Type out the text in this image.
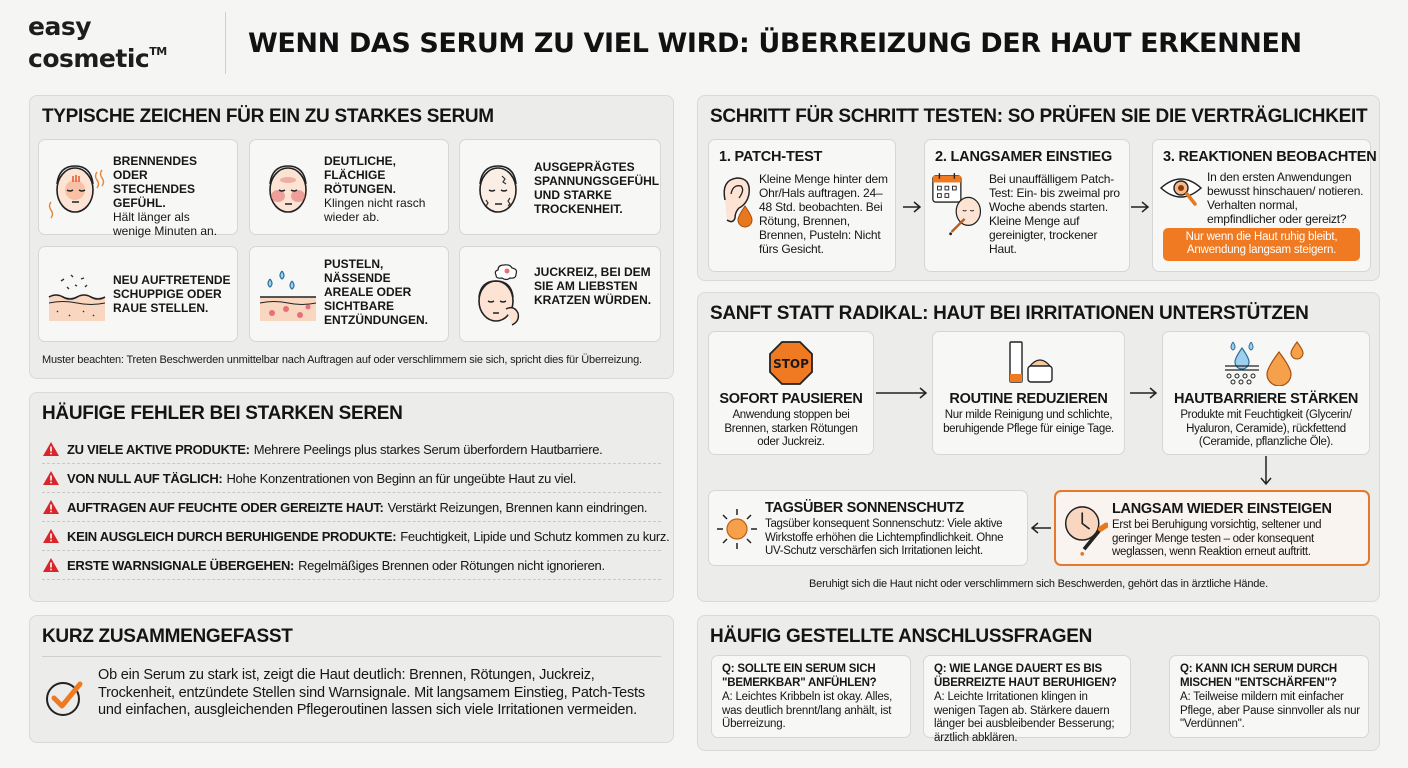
easy
cosmetic™	WENN DAS SERUM ZU VIEL WIRD: ÜBERREIZUNG DER HAUT ERKENNEN
TYPISCHE ZEICHEN FÜR EIN ZU STARKES SERUM
BRENNENDES ODER STECHENDES GEFÜHL.
Hält länger als wenige Minuten an.
DEUTLICHE, FLÄCHIGE RÖTUNGEN.
Klingen nicht rasch wieder ab.
AUSGEPRÄGTES SPANNUNGSGEFÜHL UND STARKE TROCKENHEIT.
NEU AUFTRETENDE SCHUPPIGE ODER RAUE STELLEN.
PUSTELN, NÄSSENDE AREALE ODER SICHTBARE ENTZÜNDUNGEN.
JUCKREIZ, BEI DEM SIE AM LIEBSTEN KRATZEN WÜRDEN.

Muster beachten: Treten Beschwerden unmittelbar nach Auftragen auf oder verschlimmern sie sich, spricht dies für Überreizung.

HÄUFIGE FEHLER BEI STARKEN SEREN
ZU VIELE AKTIVE PRODUKTE: Mehrere Peelings plus starkes Serum überfordern Hautbarriere.
VON NULL AUF TÄGLICH: Hohe Konzentrationen von Beginn an für ungeübte Haut zu viel.
AUFTRAGEN AUF FEUCHTE ODER GEREIZTE HAUT: Verstärkt Reizungen, Brennen kann eindringen.
KEIN AUSGLEICH DURCH BERUHIGENDE PRODUKTE: Feuchtigkeit, Lipide und Schutz kommen zu kurz.
ERSTE WARNSIGNALE ÜBERGEHEN: Regelmäßiges Brennen oder Rötungen nicht ignorieren.
KURZ ZUSAMMENGEFASST

Ob ein Serum zu stark ist, zeigt die Haut deutlich: Brennen, Rötungen, Juckreiz, Trockenheit, entzündete Stellen sind Warnsignale. Mit langsamem Einstieg, Patch-Tests und einfachen, ausgleichenden Pflegeroutinen lassen sich viele Irritationen vermeiden.

SCHRITT FÜR SCHRITT TESTEN: SO PRÜFEN SIE DIE VERTRÄGLICHKEIT
1. PATCH-TEST
Kleine Menge hinter dem Ohr/Hals auftragen. 24–48 Std. beobachten. Bei Rötung, Brennen, Brennen, Pusteln: Nicht fürs Gesicht.
2. LANGSAMER EINSTIEG
Bei unauffälligem Patch-Test: Ein- bis zweimal pro Woche abends starten. Kleine Menge auf gereinigter, trockener Haut.
3. REAKTIONEN BEOBACHTEN
In den ersten Anwendungen bewusst hinschauen/ notieren. Verhalten normal, empfindlicher oder gereizt?
Nur wenn die Haut ruhig bleibt, Anwendung langsam steigern.
SANFT STATT RADIKAL: HAUT BEI IRRITATIONEN UNTERSTÜTZEN
STOP
SOFORT PAUSIEREN
Anwendung stoppen bei Brennen, starken Rötungen oder Juckreiz.
ROUTINE REDUZIEREN
Nur milde Reinigung und schlichte, beruhigende Pflege für einige Tage.
HAUTBARRIERE STÄRKEN
Produkte mit Feuchtigkeit (Glycerin/ Hyaluron, Ceramide), rückfettend (Ceramide, pflanzliche Öle).
TAGSÜBER SONNENSCHUTZ
Tagsüber konsequent Sonnenschutz: Viele aktive Wirkstoffe erhöhen die Lichtempfindlichkeit. Ohne UV-Schutz verschärfen sich Irritationen leicht.
LANGSAM WIEDER EINSTEIGEN
Erst bei Beruhigung vorsichtig, seltener und geringer Menge testen – oder konsequent weglassen, wenn Reaktion erneut auftritt.

Beruhigt sich die Haut nicht oder verschlimmern sich Beschwerden, gehört das in ärztliche Hände.

HÄUFIG GESTELLTE ANSCHLUSSFRAGEN
Q: SOLLTE EIN SERUM SICH "BEMERKBAR" ANFÜHLEN?
A: Leichtes Kribbeln ist okay. Alles, was deutlich brennt/lang anhält, ist Überreizung.
Q: WIE LANGE DAUERT ES BIS ÜBERREIZTE HAUT BERUHIGEN?
A: Leichte Irritationen klingen in wenigen Tagen ab. Stärkere dauern länger bei ausbleibender Besserung; ärztlich abklären.
Q: KANN ICH SERUM DURCH MISCHEN "ENTSCHÄRFEN"?
A: Teilweise mildern mit einfacher Pflege, aber Pause sinnvoller als nur "Verdünnen".
